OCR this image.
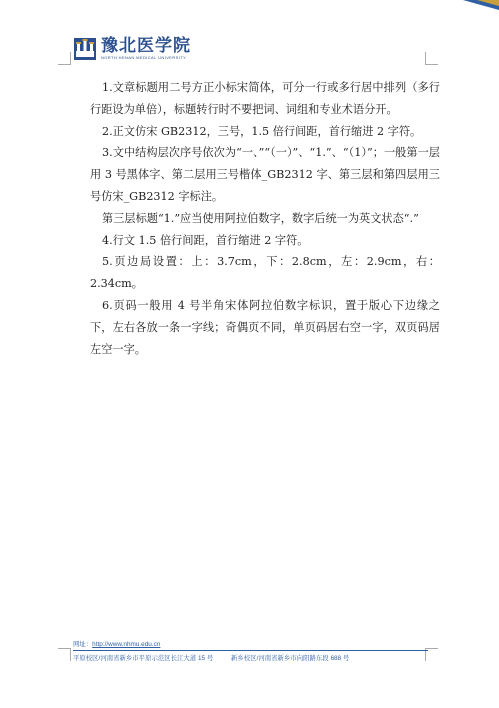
豫北医学院
NORTH HENAN MEDICAL UNIVERSITY

1.文章标题用二号方正小标宋简体，可分一行或多行居中排列（多行行距设为单倍），标题转行时不要把词、词组和专业术语分开。

2.正文仿宋 GB2312，三号，1.5 倍行间距，首行缩进 2 字符。

3.文中结构层次序号依次为“一、”“（一）”、“1.”、“（1）”；一般第一层用 3 号黑体字、第二层用三号楷体_GB2312 字、第三层和第四层用三号仿宋_GB2312 字标注。

第三层标题“1.”应当使用阿拉伯数字，数字后统一为英文状态“.”

4.行文 1.5 倍行间距，首行缩进 2 字符。

5.页边局设置：上：3.7cm，下：2.8cm，左：2.9cm，右：2.34cm。

6.页码一般用 4 号半角宋体阿拉伯数字标识，置于版心下边缘之下，左右各放一条一字线；奇偶页不同，单页码居右空一字，双页码居左空一字。

网址：http://www.nhmu.edu.cn
平原校区/河南省新乡市平原示范区长江大道 15 号	新乡校区/河南省新乡市向阳路东段 688 号
